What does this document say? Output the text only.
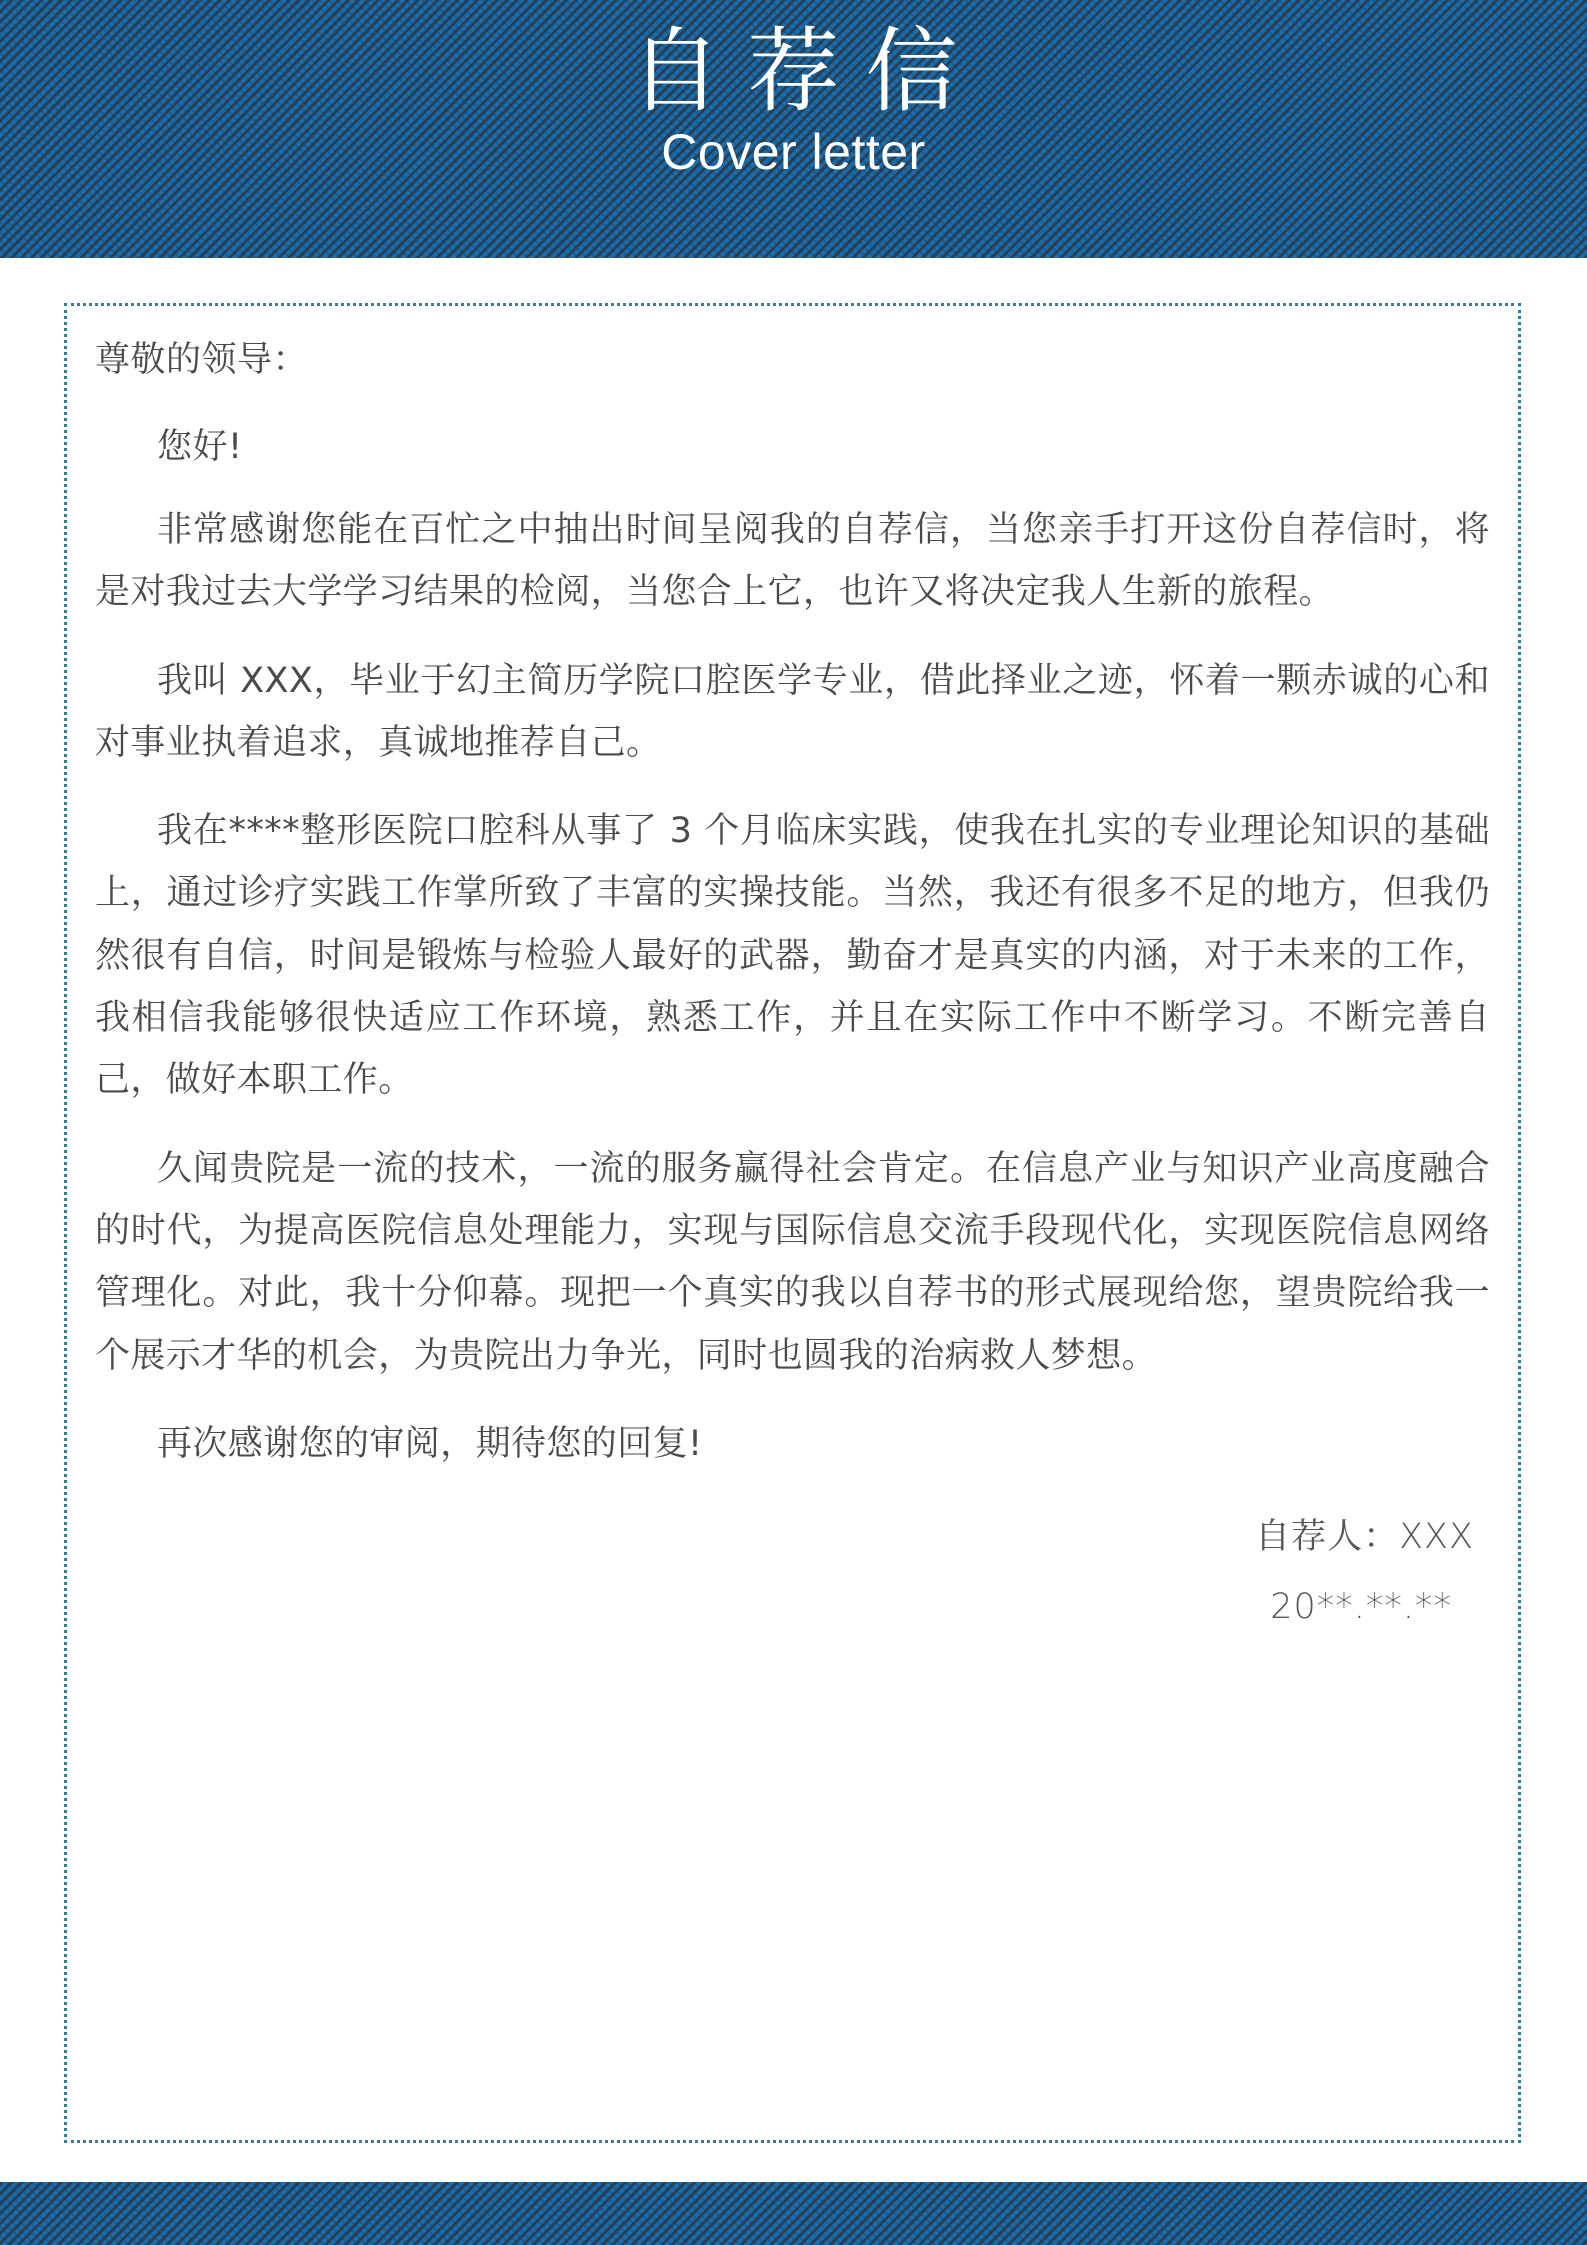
自荐信
Cover letter

尊敬的领导：

您好!

非常感谢您能在百忙之中抽出时间呈阅我的自荐信，当您亲手打开这份自荐信时，将是对我过去大学学习结果的检阅，当您合上它，也许又将决定我人生新的旅程。

我叫 XXX，毕业于幻主简历学院口腔医学专业，借此择业之迹，怀着一颗赤诚的心和对事业执着追求，真诚地推荐自己。

我在****整形医院口腔科从事了 3 个月临床实践，使我在扎实的专业理论知识的基础上，通过诊疗实践工作掌所致了丰富的实操技能。当然，我还有很多不足的地方，但我仍然很有自信，时间是锻炼与检验人最好的武器，勤奋才是真实的内涵，对于未来的工作，我相信我能够很快适应工作环境，熟悉工作，并且在实际工作中不断学习。不断完善自己，做好本职工作。

久闻贵院是一流的技术，一流的服务赢得社会肯定。在信息产业与知识产业高度融合的时代，为提高医院信息处理能力，实现与国际信息交流手段现代化，实现医院信息网络管理化。对此，我十分仰幕。现把一个真实的我以自荐书的形式展现给您，望贵院给我一个展示才华的机会，为贵院出力争光，同时也圆我的治病救人梦想。

再次感谢您的审阅，期待您的回复!

自荐人：XXX

20**.**.**
